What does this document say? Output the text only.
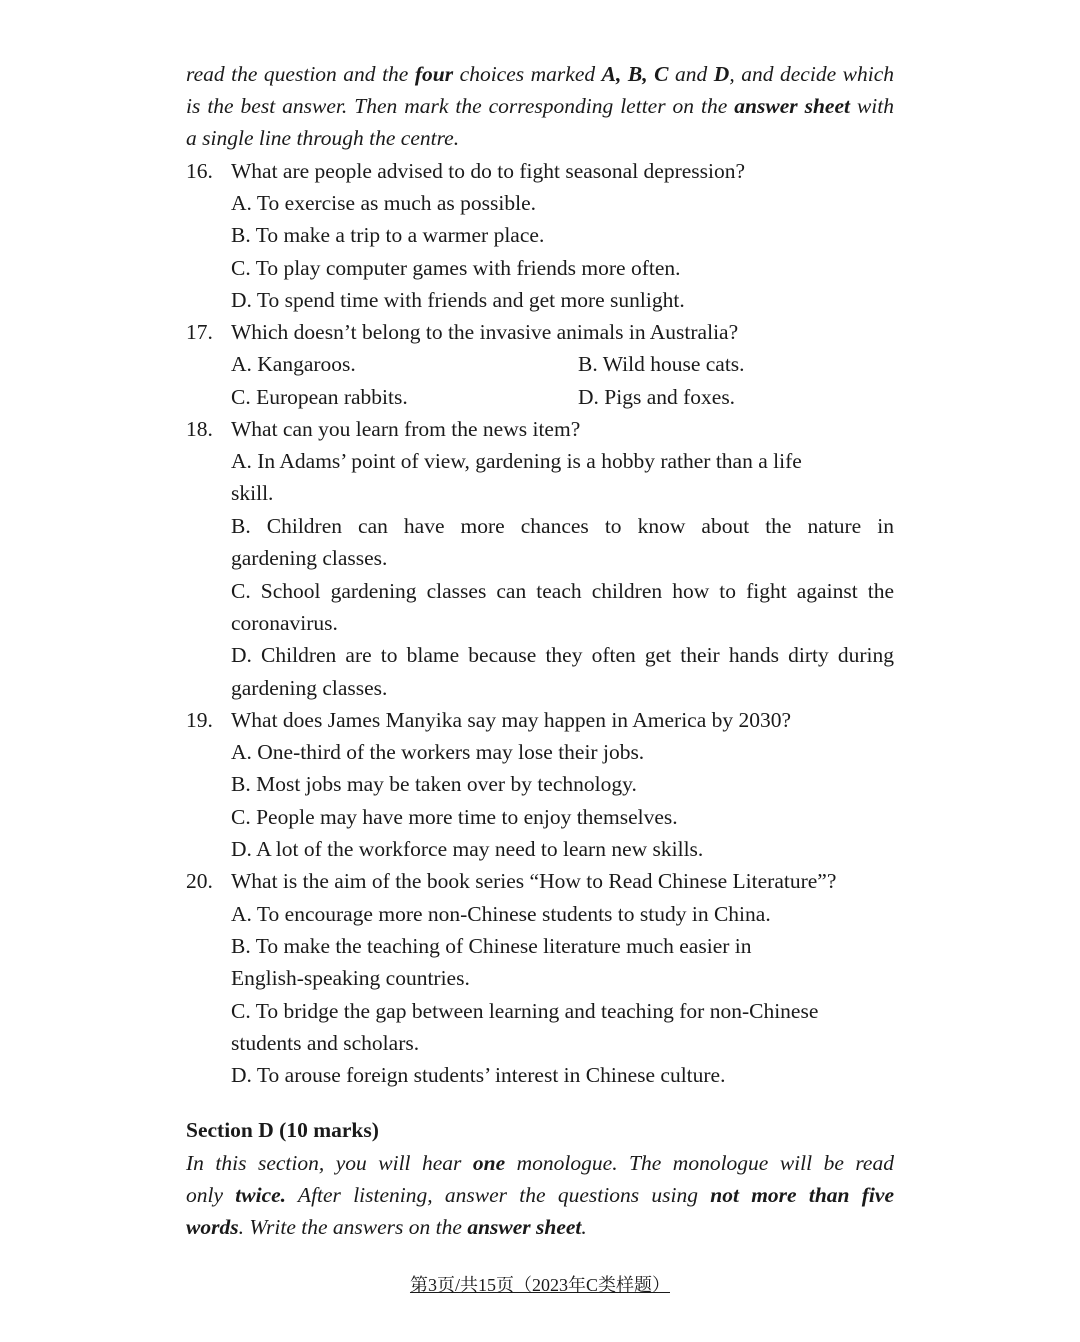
read the question and the four choices marked A, B, C and D, and decide which
is the best answer. Then mark the corresponding letter on the answer sheet with
a single line through the centre.
16. What are people advised to do to fight seasonal depression?
A. To exercise as much as possible.
B. To make a trip to a warmer place.
C. To play computer games with friends more often.
D. To spend time with friends and get more sunlight.
17. Which doesn’t belong to the invasive animals in Australia?
A. Kangaroos.	B. Wild house cats.
C. European rabbits.	D. Pigs and foxes.
18. What can you learn from the news item?
A. In Adams’ point of view, gardening is a hobby rather than a life
skill.
B. Children can have more chances to know about the nature in
gardening classes.
C. School gardening classes can teach children how to fight against the
coronavirus.
D. Children are to blame because they often get their hands dirty during
gardening classes.
19. What does James Manyika say may happen in America by 2030?
A. One-third of the workers may lose their jobs.
B. Most jobs may be taken over by technology.
C. People may have more time to enjoy themselves.
D. A lot of the workforce may need to learn new skills.
20. What is the aim of the book series “How to Read Chinese Literature”?
A. To encourage more non-Chinese students to study in China.
B. To make the teaching of Chinese literature much easier in
English-speaking countries.
C. To bridge the gap between learning and teaching for non-Chinese
students and scholars.
D. To arouse foreign students’ interest in Chinese culture.
Section D (10 marks)
In this section, you will hear one monologue. The monologue will be read
only twice. After listening, answer the questions using not more than five
words. Write the answers on the answer sheet.
第3页/共15页（2023年C类样题）
